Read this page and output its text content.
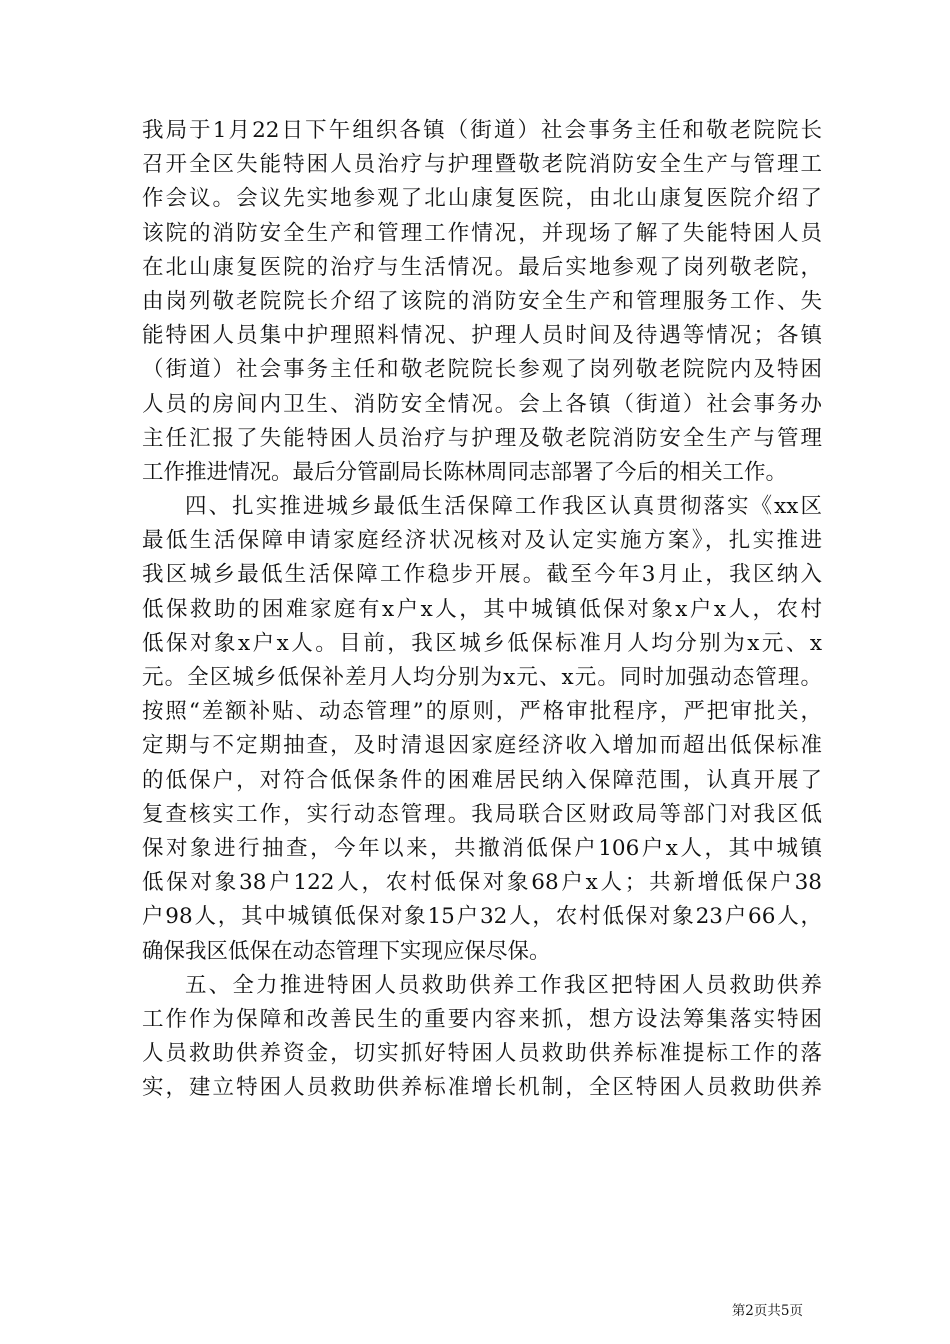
我局于1月22日下午组织各镇（街道）社会事务主任和敬老院院长
召开全区失能特困人员治疗与护理暨敬老院消防安全生产与管理工
作会议。会议先实地参观了北山康复医院，由北山康复医院介绍了
该院的消防安全生产和管理工作情况，并现场了解了失能特困人员
在北山康复医院的治疗与生活情况。最后实地参观了岗列敬老院，
由岗列敬老院院长介绍了该院的消防安全生产和管理服务工作、失
能特困人员集中护理照料情况、护理人员时间及待遇等情况；各镇
（街道）社会事务主任和敬老院院长参观了岗列敬老院院内及特困
人员的房间内卫生、消防安全情况。会上各镇（街道）社会事务办
主任汇报了失能特困人员治疗与护理及敬老院消防安全生产与管理
工作推进情况。最后分管副局长陈林周同志部署了今后的相关工作。
四、扎实推进城乡最低生活保障工作我区认真贯彻落实《xx区
最低生活保障申请家庭经济状况核对及认定实施方案》，扎实推进
我区城乡最低生活保障工作稳步开展。截至今年3月止，我区纳入
低保救助的困难家庭有x户x人，其中城镇低保对象x户x人，农村
低保对象x户x人。目前，我区城乡低保标准月人均分别为x元、x
元。全区城乡低保补差月人均分别为x元、x元。同时加强动态管理。
按照“差额补贴、动态管理”的原则，严格审批程序，严把审批关，
定期与不定期抽查，及时清退因家庭经济收入增加而超出低保标准
的低保户，对符合低保条件的困难居民纳入保障范围，认真开展了
复查核实工作，实行动态管理。我局联合区财政局等部门对我区低
保对象进行抽查，今年以来，共撤消低保户106户x人，其中城镇
低保对象38户122人，农村低保对象68户x人；共新增低保户38
户98人，其中城镇低保对象15户32人，农村低保对象23户66人，
确保我区低保在动态管理下实现应保尽保。
五、全力推进特困人员救助供养工作我区把特困人员救助供养
工作作为保障和改善民生的重要内容来抓，想方设法筹集落实特困
人员救助供养资金，切实抓好特困人员救助供养标准提标工作的落
实，建立特困人员救助供养标准增长机制，全区特困人员救助供养
第2页共5页
